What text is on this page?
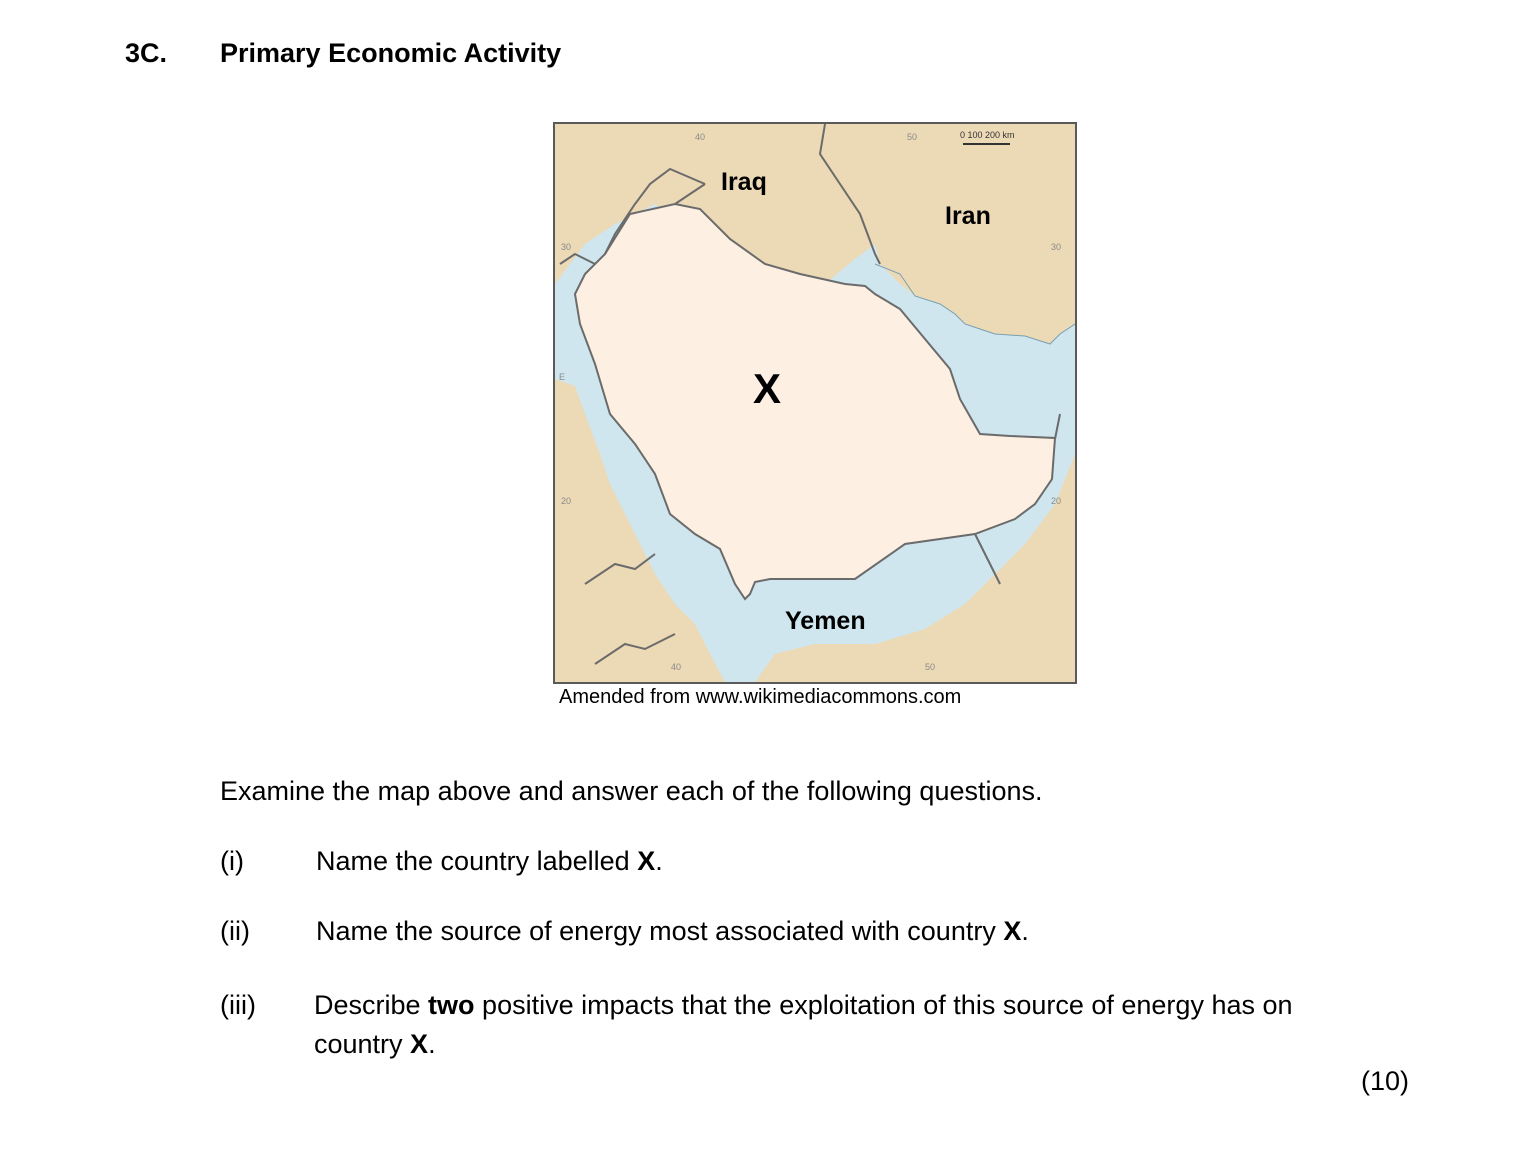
3C. Primary Economic Activity
0 100 200 km
40	50
30
20
30
20
40	50
E
Iraq
Iran
X
Yemen
Amended from www.wikimediacommons.com
Examine the map above and answer each of the following questions.
(i)	Name the country labelled X.
(ii) Name the source of energy most associated with country X.
(iii) Describe two positive impacts that the exploitation of this source of energy has on
country X.
(10)
